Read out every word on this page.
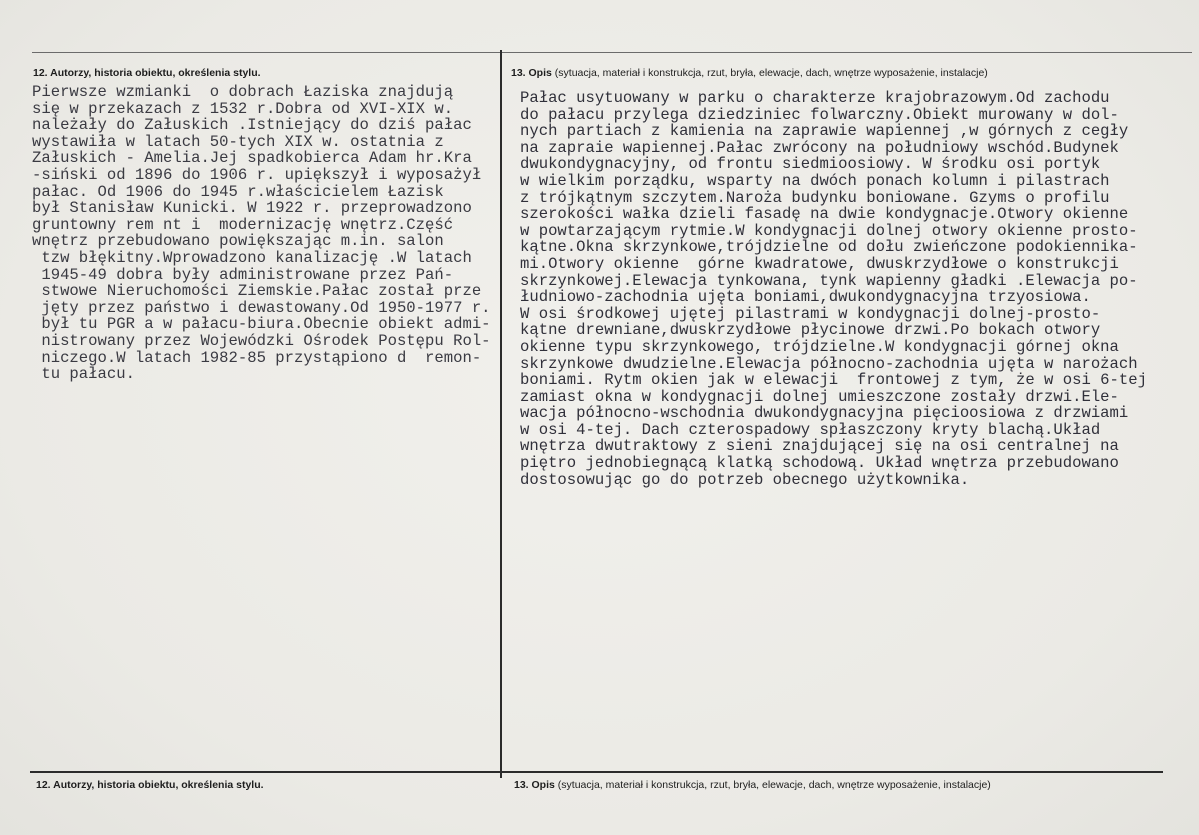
12. Autorzy, historia obiektu, określenia stylu.	13. Opis (sytuacja, materiał i konstrukcja, rzut, bryła, elewacje, dach, wnętrze wyposażenie, instalacje)
Pierwsze wzmianki  o dobrach Łaziska znajdują
się w przekazach z 1532 r.Dobra od XVI-XIX w.
należały do Załuskich .Istniejący do dziś pałac
wystawiła w latach 50-tych XIX w. ostatnia z
Załuskich - Amelia.Jej spadkobierca Adam hr.Kra
-siński od 1896 do 1906 r. upiększył i wyposażył
pałac. Od 1906 do 1945 r.właścicielem Łazisk
był Stanisław Kunicki. W 1922 r. przeprowadzono
gruntowny rem nt i  modernizację wnętrz.Część
wnętrz przebudowano powiększając m.in. salon
tzw błękitny.Wprowadzono kanalizację .W latach
1945-49 dobra były administrowane przez Pań-
stwowe Nieruchomości Ziemskie.Pałac został prze
jęty przez państwo i dewastowany.Od 1950-1977 r.
był tu PGR a w pałacu-biura.Obecnie obiekt admi-
nistrowany przez Wojewódzki Ośrodek Postępu Rol-
niczego.W latach 1982-85 przystąpiono d  remon-
tu pałacu.
Pałac usytuowany w parku o charakterze krajobrazowym.Od zachodu
do pałacu przylega dziedziniec folwarczny.Obiekt murowany w dol-
nych partiach z kamienia na zaprawie wapiennej ,w górnych z cegły
na zapraie wapiennej.Pałac zwrócony na południowy wschód.Budynek
dwukondygnacyjny, od frontu siedmioosiowy. W środku osi portyk
w wielkim porządku, wsparty na dwóch ponach kolumn i pilastrach
z trójkątnym szczytem.Naroża budynku boniowane. Gzyms o profilu
szerokości wałka dzieli fasadę na dwie kondygnacje.Otwory okienne
w powtarzającym rytmie.W kondygnacji dolnej otwory okienne prosto-
kątne.Okna skrzynkowe,trójdzielne od dołu zwieńczone podokiennika-
mi.Otwory okienne  górne kwadratowe, dwuskrzydłowe o konstrukcji
skrzynkowej.Elewacja tynkowana, tynk wapienny gładki .Elewacja po-
łudniowo-zachodnia ujęta boniami,dwukondygnacyjna trzyosiowa.
W osi środkowej ujętej pilastrami w kondygnacji dolnej-prosto-
kątne drewniane,dwuskrzydłowe płycinowe drzwi.Po bokach otwory
okienne typu skrzynkowego, trójdzielne.W kondygnacji górnej okna
skrzynkowe dwudzielne.Elewacja północno-zachodnia ujęta w narożach
boniami. Rytm okien jak w elewacji  frontowej z tym, że w osi 6-tej
zamiast okna w kondygnacji dolnej umieszczone zostały drzwi.Ele-
wacja północno-wschodnia dwukondygnacyjna pięcioosiowa z drzwiami
w osi 4-tej. Dach czterospadowy spłaszczony kryty blachą.Układ
wnętrza dwutraktowy z sieni znajdującej się na osi centralnej na
piętro jednobiegnącą klatką schodową. Układ wnętrza przebudowano
dostosowując go do potrzeb obecnego użytkownika.
12. Autorzy, historia obiektu, określenia stylu.	13. Opis (sytuacja, materiał i konstrukcja, rzut, bryła, elewacje, dach, wnętrze wyposażenie, instalacje)
